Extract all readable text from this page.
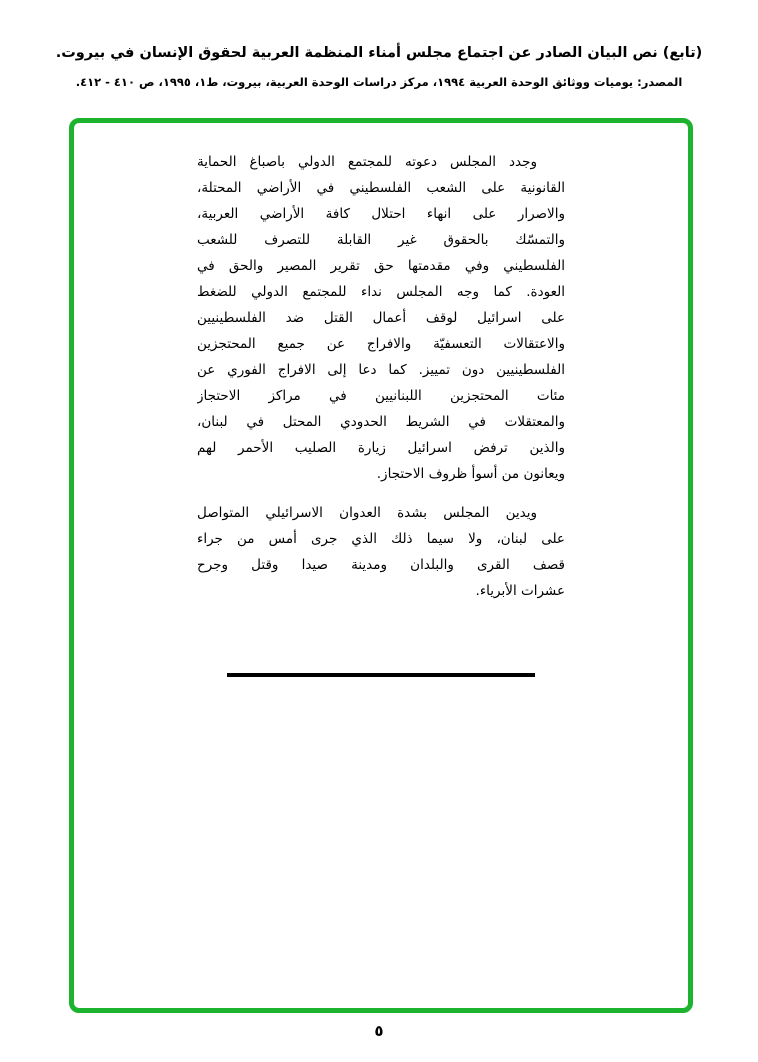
(تابع) نص البيان الصادر عن اجتماع مجلس أمناء المنظمة العربية لحقوق الإنسان في بيروت.
المصدر: يوميات ووثائق الوحدة العربية ١٩٩٤، مركز دراسات الوحدة العربية، بيروت، ط١، ١٩٩٥، ص ٤١٠ - ٤١٢.
وجدد المجلس دعوته للمجتمع الدولي باصباغ الحماية
القانونية على الشعب الفلسطيني في الأراضي المحتلة،
والاصرار على انهاء احتلال كافة الأراضي العربية،
والتمسّك بالحقوق غير القابلة للتصرف للشعب
الفلسطيني وفي مقدمتها حق تقرير المصير والحق في
العودة. كما وجه المجلس نداء للمجتمع الدولي للضغط
على اسرائيل لوقف أعمال القتل ضد الفلسطينيين
والاعتقالات التعسفيّة والافراج عن جميع المحتجزين
الفلسطينيين دون تمييز. كما دعا إلى الافراج الفوري عن
مئات المحتجزين اللبنانيين في مراكز الاحتجاز
والمعتقلات في الشريط الحدودي المحتل في لبنان،
والذين ترفض اسرائيل زيارة الصليب الأحمر لهم
ويعانون من أسوأ ظروف الاحتجاز.
ويدين المجلس بشدة العدوان الاسرائيلي المتواصل
على لبنان، ولا سيما ذلك الذي جرى أمس من جراء
قصف القرى والبلدان ومدينة صيدا وقتل وجرح
عشرات الأبرياء.
٥
